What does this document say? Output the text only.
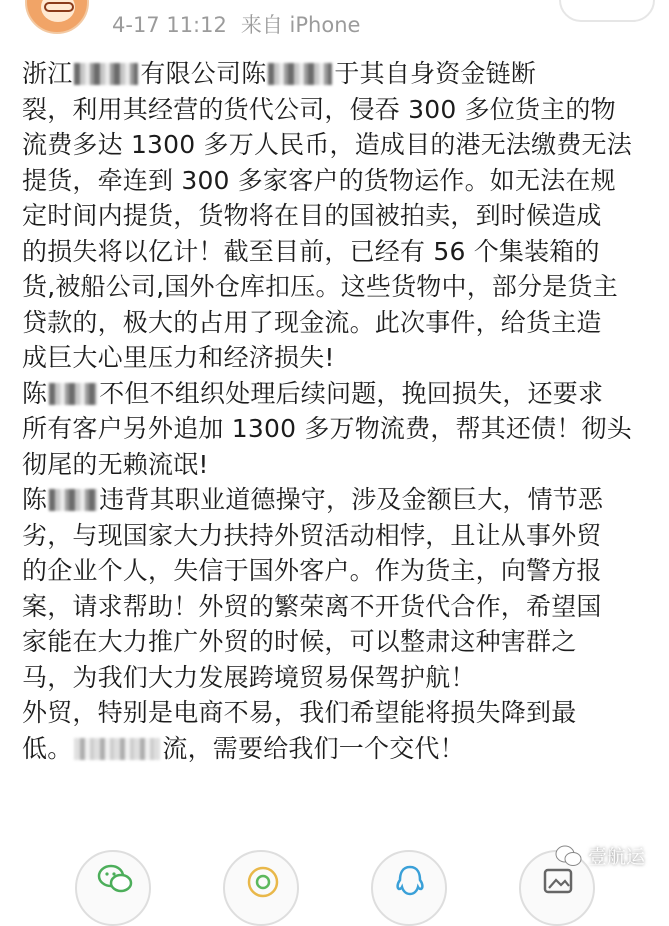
4-17 11:12 来自 iPhone
浙江	有限公司陈	于其自身资金链断
裂，利用其经营的货代公司，侵吞 300 多位货主的物
流费多达 1300 多万人民币，造成目的港无法缴费无法
提货，牵连到 300 多家客户的货物运作。如无法在规
定时间内提货，货物将在目的国被拍卖，到时候造成
的损失将以亿计！截至目前，已经有 56 个集装箱的
货,被船公司,国外仓库扣压。这些货物中，部分是货主
贷款的，极大的占用了现金流。此次事件，给货主造
成巨大心里压力和经济损失!
陈 不但不组织处理后续问题，挽回损失，还要求
所有客户另外追加 1300 多万物流费，帮其还债！彻头
彻尾的无赖流氓!
陈 违背其职业道德操守，涉及金额巨大，情节恶
劣，与现国家大力扶持外贸活动相悖，且让从事外贸
的企业个人，失信于国外客户。作为货主，向警方报
案，请求帮助！外贸的繁荣离不开货代合作，希望国
家能在大力推广外贸的时候，可以整肃这种害群之
马，为我们大力发展跨境贸易保驾护航！
外贸，特别是电商不易，我们希望能将损失降到最
低。	流，需要给我们一个交代！
壹航运
